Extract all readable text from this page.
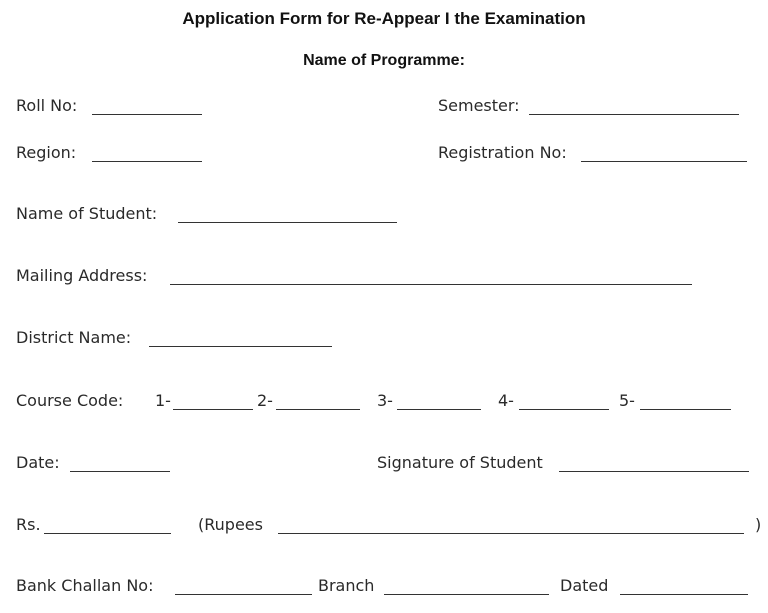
Application Form for Re-Appear I the Examination
Name of Programme:
Roll No:	Semester:
Region:	Registration No:
Name of Student:
Mailing Address:
District Name:
Course Code: 1-	2-	3-	4-	5-
Date:	Signature of Student
Rs.	(Rupees	)
Bank Challan No:	Branch	Dated
